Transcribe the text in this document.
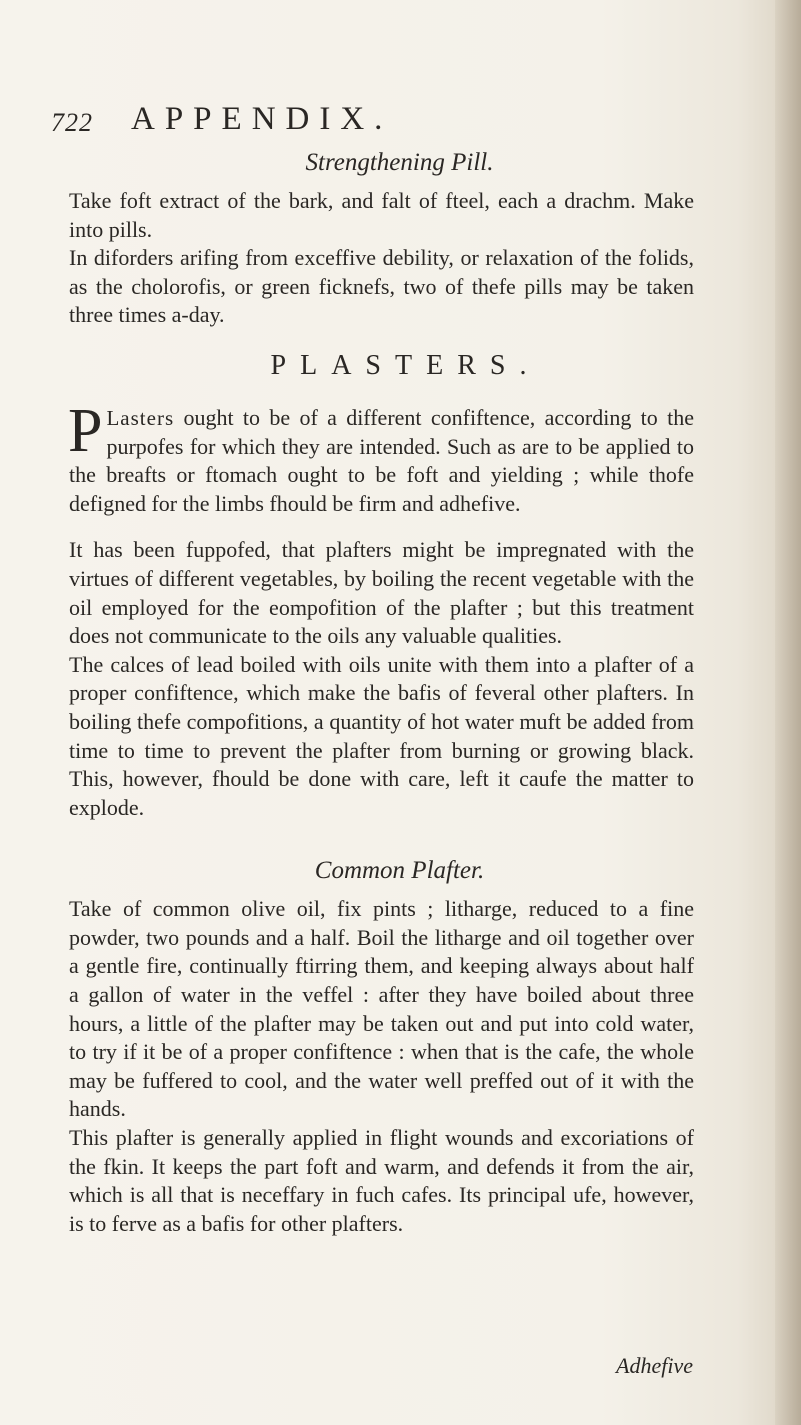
722 APPENDIX.
Strengthening Pill.

Take foft extract of the bark, and falt of fteel, each a drachm. Make into pills.

In diforders arifing from exceffive debility, or relaxation of the folids, as the cholorofis, or green ficknefs, two of thefe pills may be taken three times a-day.

PLASTERS.

P Lasters ought to be of a different confiftence, according to the purpofes for which they are intended. Such as are to be applied to the breafts or ftomach ought to be foft and yielding ; while thofe defigned for the limbs fhould be firm and adhefive.

It has been fuppofed, that plafters might be impregnated with the virtues of different vegetables, by boiling the recent vegetable with the oil employed for the eompofition of the plafter ; but this treatment does not communicate to the oils any valuable qualities.

The calces of lead boiled with oils unite with them into a plafter of a proper confiftence, which make the bafis of feveral other plafters. In boiling thefe compofitions, a quantity of hot water muft be added from time to time to prevent the plafter from burning or growing black. This, however, fhould be done with care, left it caufe the matter to explode.

Common Plafter.

Take of common olive oil, fix pints ; litharge, reduced to a fine powder, two pounds and a half. Boil the litharge and oil together over a gentle fire, continually ftirring them, and keeping always about half a gallon of water in the veffel : after they have boiled about three hours, a little of the plafter may be taken out and put into cold water, to try if it be of a proper confiftence : when that is the cafe, the whole may be fuffered to cool, and the water well preffed out of it with the hands.

This plafter is generally applied in flight wounds and excoriations of the fkin. It keeps the part foft and warm, and defends it from the air, which is all that is neceffary in fuch cafes. Its principal ufe, however, is to ferve as a bafis for other plafters.

Adhefive
